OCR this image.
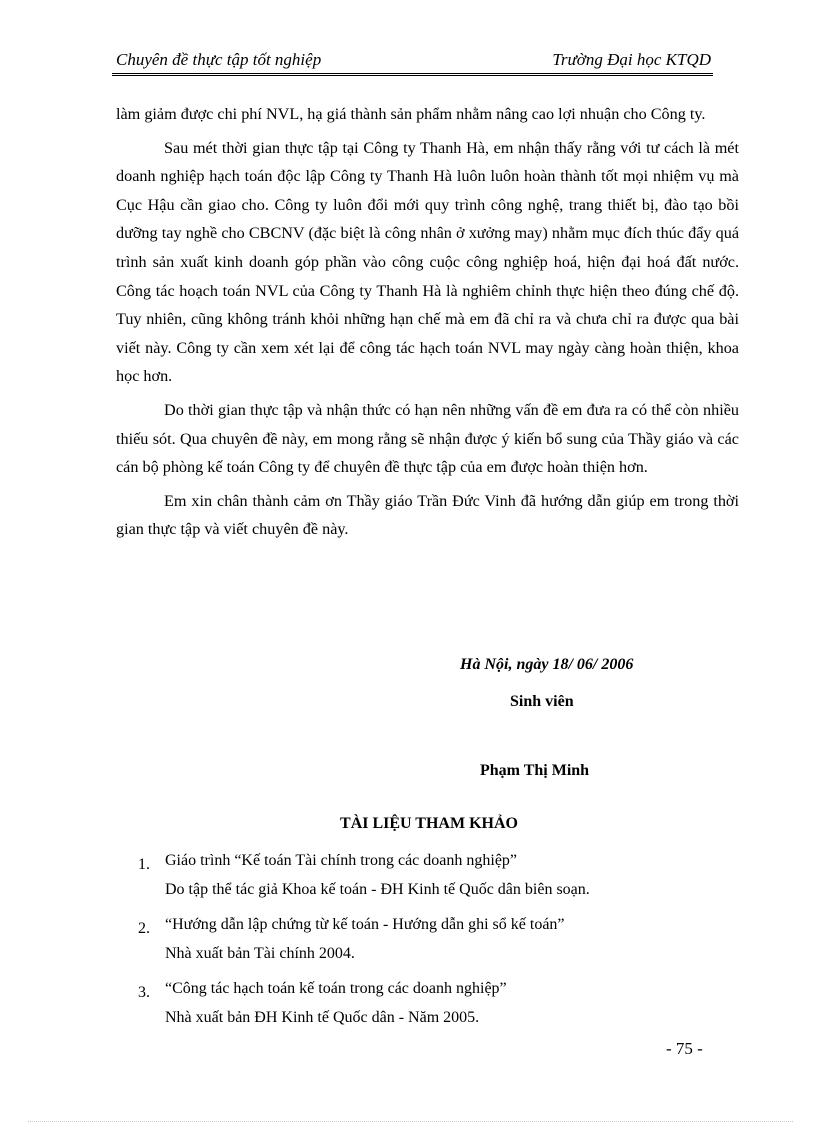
Chuyên đề thực tập tốt nghiệp	Trường Đại học KTQD

làm giảm được chi phí NVL, hạ giá thành sản phẩm nhằm nâng cao lợi nhuận cho Công ty.

Sau mét thời gian thực tập tại Công ty Thanh Hà, em nhận thấy rằng với tư cách là mét doanh nghiệp hạch toán độc lập Công ty Thanh Hà luôn luôn hoàn thành tốt mọi nhiệm vụ mà Cục Hậu cần giao cho. Công ty luôn đổi mới quy trình công nghệ, trang thiết bị, đào tạo bồi dưỡng tay nghề cho CBCNV (đặc biệt là công nhân ở xưởng may) nhằm mục đích thúc đẩy quá trình sản xuất kinh doanh góp phần vào công cuộc công nghiệp hoá, hiện đại hoá đất nước. Công tác hoạch toán NVL của Công ty Thanh Hà là nghiêm chỉnh thực hiện theo đúng chế độ. Tuy nhiên, cũng không tránh khỏi những hạn chế mà em đã chỉ ra và chưa chỉ ra được qua bài viết này. Công ty cần xem xét lại để công tác hạch toán NVL may ngày càng hoàn thiện, khoa học hơn.

Do thời gian thực tập và nhận thức có hạn nên những vấn đề em đưa ra có thể còn nhiều thiếu sót. Qua chuyên đề này, em mong rằng sẽ nhận được ý kiến bổ sung của Thầy giáo và các cán bộ phòng kế toán Công ty để chuyên đề thực tập của em được hoàn thiện hơn.

Em xin chân thành cảm ơn Thầy giáo Trần Đức Vinh đã hướng dẫn giúp em trong thời gian thực tập và viết chuyên đề này.

Hà Nội, ngày 18/ 06/ 2006
Sinh viên
Phạm Thị Minh
TÀI LIỆU THAM KHẢO
1. Giáo trình “Kế toán Tài chính trong các doanh nghiệp”
Do tập thể tác giả Khoa kế toán - ĐH Kinh tế Quốc dân biên soạn.
2. “Hướng dẫn lập chứng từ kế toán - Hướng dẫn ghi sổ kế toán”
Nhà xuất bản Tài chính 2004.
3. “Công tác hạch toán kế toán trong các doanh nghiệp”
Nhà xuất bản ĐH Kinh tế Quốc dân - Năm 2005.
- 75 -
